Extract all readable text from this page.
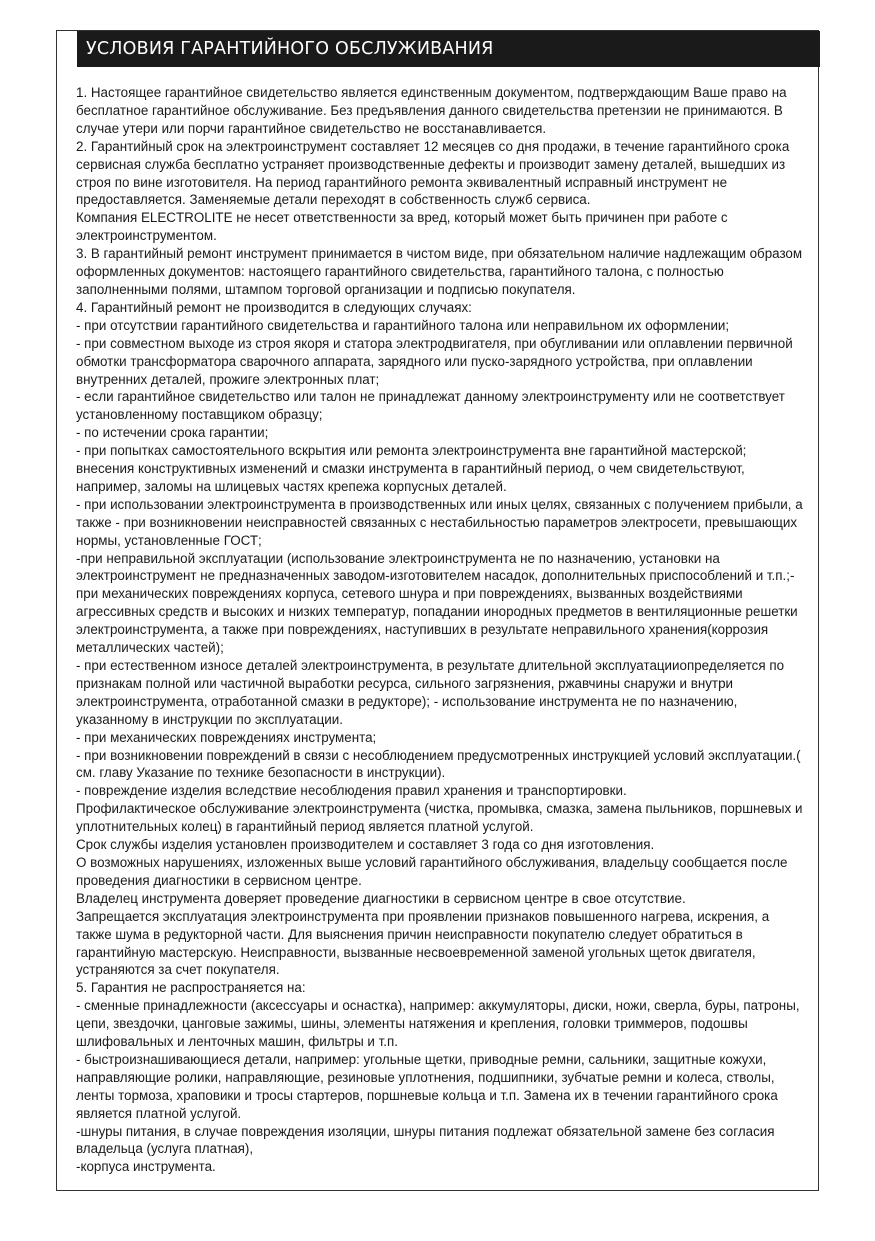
УСЛОВИЯ ГАРАНТИЙНОГО ОБСЛУЖИВАНИЯ

1. Настоящее гарантийное свидетельство является единственным документом, подтверждающим Ваше право на бесплатное гарантийное обслуживание. Без предъявления данного свидетельства претензии не принимаются. В случае утери или порчи гарантийное свидетельство не восстанавливается.

2. Гарантийный срок на электроинструмент составляет 12 месяцев со дня продажи, в течение гарантийного срока сервисная служба бесплатно устраняет производственные дефекты и производит замену деталей, вышедших из строя по вине изготовителя. На период гарантийного ремонта эквивалентный исправный инструмент не предоставляется. Заменяемые детали переходят в собственность служб сервиса.

Компания ELECTROLITE не несет ответственности за вред, который может быть причинен при работе с электроинструментом.

3. В гарантийный ремонт инструмент принимается в чистом виде, при обязательном наличие надлежащим образом оформленных документов: настоящего гарантийного свидетельства, гарантийного талона, с полностью заполненными полями, штампом торговой организации и подписью покупателя.

4. Гарантийный ремонт не производится в следующих случаях:

- при отсутствии гарантийного свидетельства и гарантийного талона или неправильном их оформлении;

- при совместном выходе из строя якоря и статора электродвигателя, при обугливании или оплавлении первичной обмотки трансформатора сварочного аппарата, зарядного или пуско-зарядного устройства, при оплавлении внутренних деталей, прожиге электронных плат;

- если гарантийное свидетельство или талон не принадлежат данному электроинструменту или не соответствует установленному поставщиком образцу;

- по истечении срока гарантии;

- при попытках самостоятельного вскрытия или ремонта электроинструмента вне гарантийной мастерской; внесения конструктивных изменений и смазки инструмента в гарантийный период, о чем свидетельствуют, например, заломы на шлицевых частях крепежа корпусных деталей.

- при использовании электроинструмента в производственных или иных целях, связанных с получением прибыли, а также - при возникновении неисправностей связанных с нестабильностью параметров электросети, превышающих нормы, установленные ГОСТ;

-при неправильной эксплуатации (использование электроинструмента не по назначению, установки на электроинструмент не предназначенных заводом-изготовителем насадок, дополнительных приспособлений и т.п.;-при механических повреждениях корпуса, сетевого шнура и при повреждениях, вызванных воздействиями агрессивных средств и высоких и низких температур, попадании инородных предметов в вентиляционные решетки электроинструмента, а также при повреждениях, наступивших в результате неправильного хранения(коррозия металлических частей);

- при естественном износе деталей электроинструмента, в результате длительной эксплуатацииопределяется по признакам полной или частичной выработки ресурса, сильного загрязнения, ржавчины снаружи и внутри электроинструмента, отработанной смазки в редукторе); - использование инструмента не по назначению, указанному в инструкции по эксплуатации.

- при механических повреждениях инструмента;

- при возникновении повреждений в связи с несоблюдением предусмотренных инструкцией условий эксплуатации.( см. главу Указание по технике безопасности в инструкции).

- повреждение изделия вследствие несоблюдения правил хранения и транспортировки.

Профилактическое обслуживание электроинструмента (чистка, промывка, смазка, замена пыльников, поршневых и уплотнительных колец) в гарантийный период является платной услугой.

Срок службы изделия установлен производителем и составляет 3 года со дня изготовления.

О возможных нарушениях, изложенных выше условий гарантийного обслуживания, владельцу сообщается после проведения диагностики в сервисном центре.

Владелец инструмента доверяет проведение диагностики в сервисном центре в свое отсутствие.

Запрещается эксплуатация электроинструмента при проявлении признаков повышенного нагрева, искрения, а также шума в редукторной части. Для выяснения причин неисправности покупателю следует обратиться в гарантийную мастерскую. Неисправности, вызванные несвоевременной заменой угольных щеток двигателя, устраняются за счет покупателя.

5. Гарантия не распространяется на:

- сменные принадлежности (аксессуары и оснастка), например: аккумуляторы, диски, ножи, сверла, буры, патроны, цепи, звездочки, цанговые зажимы, шины, элементы натяжения и крепления, головки триммеров, подошвы шлифовальных и ленточных машин, фильтры и т.п.

- быстроизнашивающиеся детали, например: угольные щетки, приводные ремни, сальники, защитные кожухи, направляющие ролики, направляющие, резиновые уплотнения, подшипники, зубчатые ремни и колеса, стволы, ленты тормоза, храповики и тросы стартеров, поршневые кольца и т.п. Замена их в течении гарантийного срока является платной услугой.

-шнуры питания, в случае повреждения изоляции, шнуры питания подлежат обязательной замене без согласия владельца (услуга платная),

-корпуса инструмента.
